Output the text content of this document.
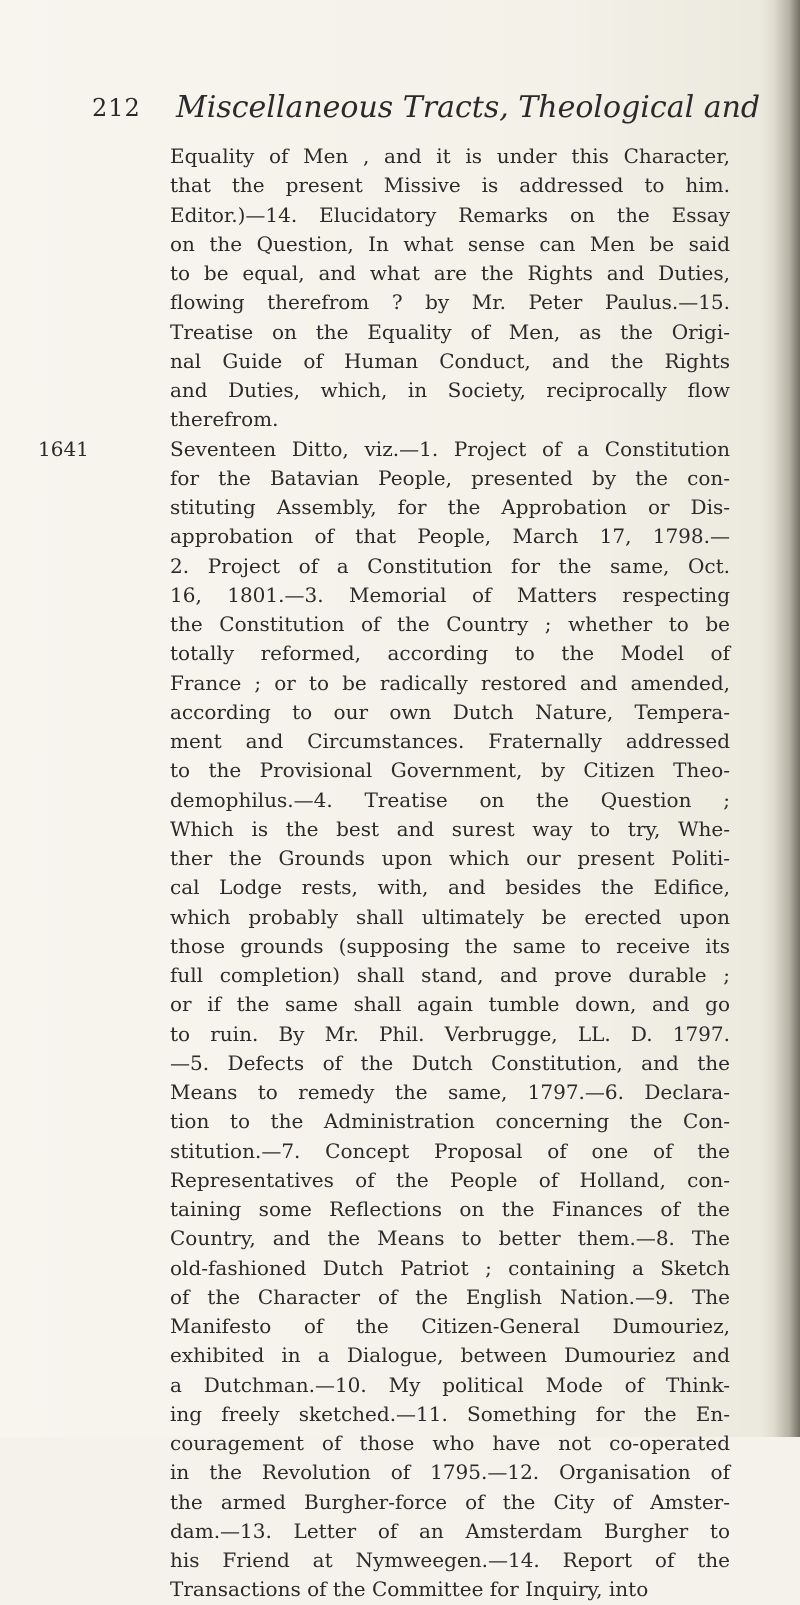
212 Miscellaneous Tracts, Theological and
Equality of Men , and it is under this Character,
that the present Missive is addressed to him.
Editor.)—14. Elucidatory Remarks on the Essay
on the Question, In what sense can Men be said
to be equal, and what are the Rights and Duties,
flowing therefrom ? by Mr. Peter Paulus.—15.
Treatise on the Equality of Men, as the Origi-
nal Guide of Human Conduct, and the Rights
and Duties, which, in Society, reciprocally flow
therefrom.
1641	Seventeen Ditto, viz.—1. Project of a Constitution
for the Batavian People, presented by the con-
stituting Assembly, for the Approbation or Dis-
approbation of that People, March 17, 1798.—
2. Project of a Constitution for the same, Oct.
16, 1801.—3. Memorial of Matters respecting
the Constitution of the Country ; whether to be
totally reformed, according to the Model of
France ; or to be radically restored and amended,
according to our own Dutch Nature, Tempera-
ment and Circumstances. Fraternally addressed
to the Provisional Government, by Citizen Theo-
demophilus.—4. Treatise on the Question ;
Which is the best and surest way to try, Whe-
ther the Grounds upon which our present Politi-
cal Lodge rests, with, and besides the Edifice,
which probably shall ultimately be erected upon
those grounds (supposing the same to receive its
full completion) shall stand, and prove durable ;
or if the same shall again tumble down, and go
to ruin. By Mr. Phil. Verbrugge, LL. D. 1797.
—5. Defects of the Dutch Constitution, and the
Means to remedy the same, 1797.—6. Declara-
tion to the Administration concerning the Con-
stitution.—7. Concept Proposal of one of the
Representatives of the People of Holland, con-
taining some Reflections on the Finances of the
Country, and the Means to better them.—8. The
old-fashioned Dutch Patriot ; containing a Sketch
of the Character of the English Nation.—9. The
Manifesto of the Citizen-General Dumouriez,
exhibited in a Dialogue, between Dumouriez and
a Dutchman.—10. My political Mode of Think-
ing freely sketched.—11. Something for the En-
couragement of those who have not co-operated
in the Revolution of 1795.—12. Organisation of
the armed Burgher-force of the City of Amster-
dam.—13. Letter of an Amsterdam Burgher to
his Friend at Nymweegen.—14. Report of the
Transactions of the Committee for Inquiry, into
